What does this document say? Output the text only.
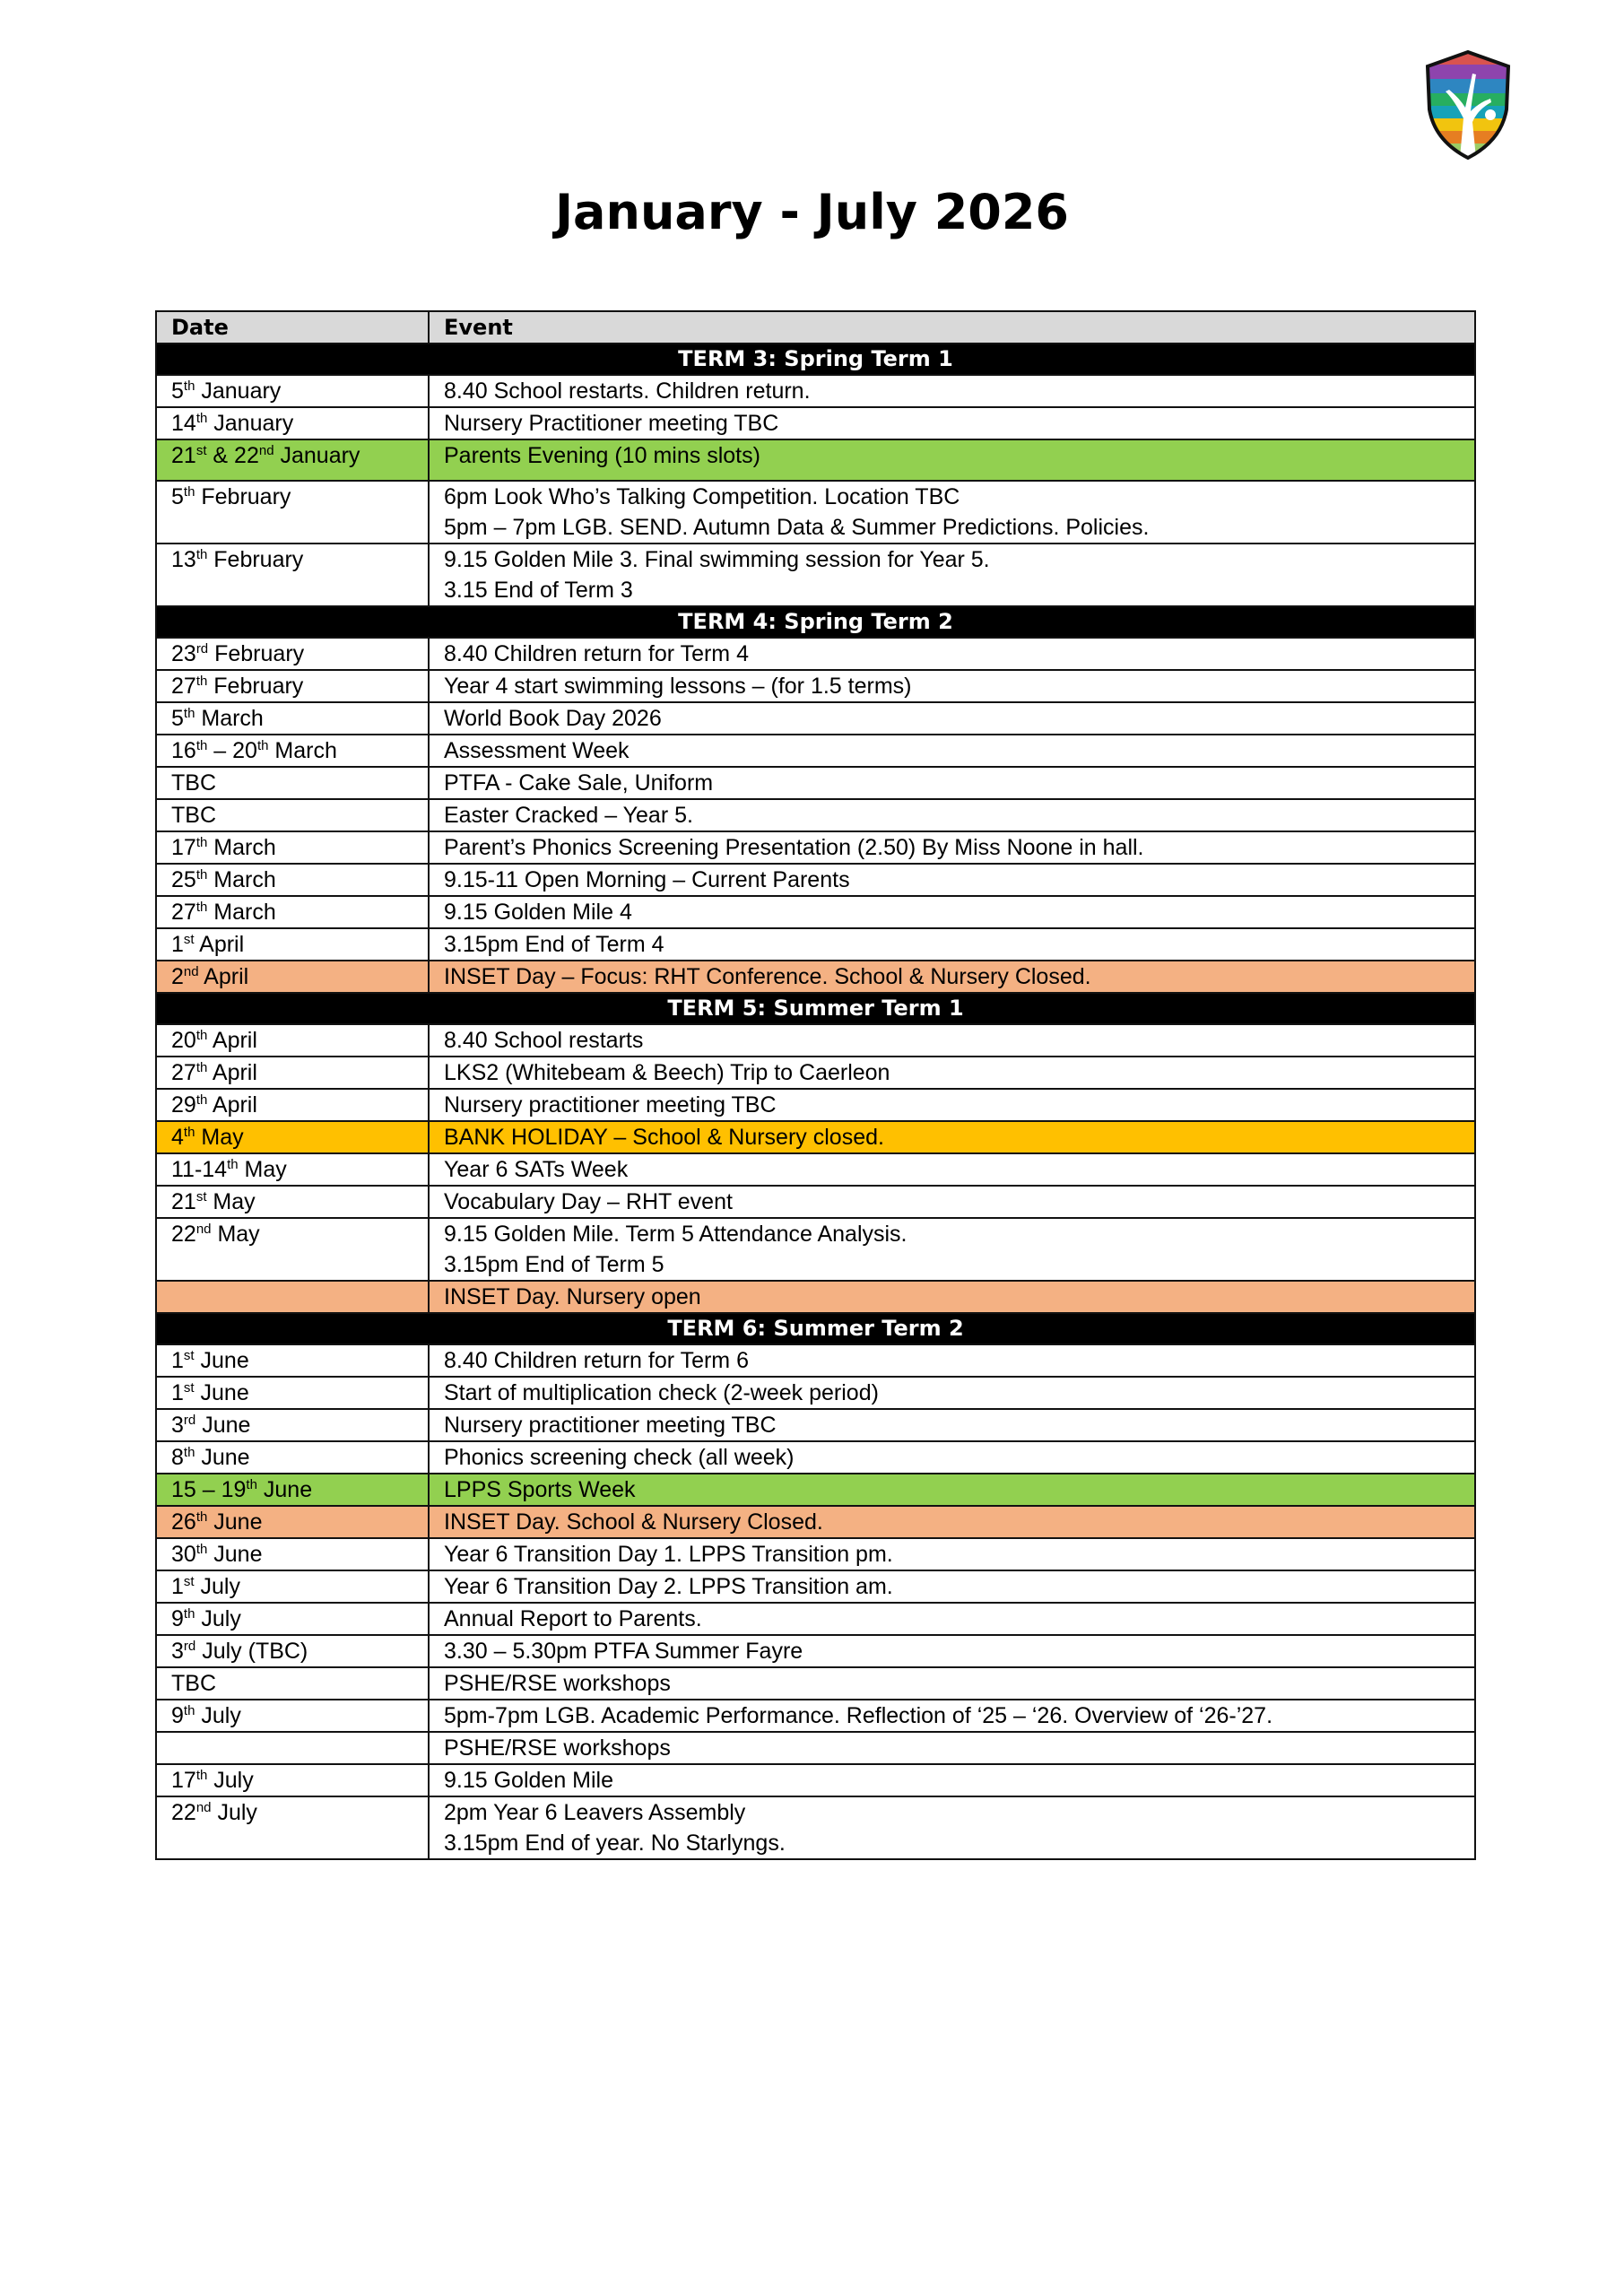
January - July 2026
Date	Event
TERM 3: Spring Term 1	
5th January	8.40 School restarts. Children return.

14th January	Nursery Practitioner meeting TBC

21st & 22nd January	Parents Evening (10 mins slots)

5th February	6pm Look Who’s Talking Competition. Location TBC
5pm – 7pm LGB. SEND. Autumn Data & Summer Predictions. Policies.

13th February	9.15 Golden Mile 3. Final swimming session for Year 5.
3.15 End of Term 3

TERM 4: Spring Term 2	
23rd February	8.40 Children return for Term 4

27th February	Year 4 start swimming lessons – (for 1.5 terms)

5th March	World Book Day 2026

16th – 20th March	Assessment Week

TBC	PTFA - Cake Sale, Uniform

TBC	Easter Cracked – Year 5.

17th March	Parent’s Phonics Screening Presentation (2.50) By Miss Noone in hall.

25th March	9.15-11 Open Morning – Current Parents

27th March	9.15 Golden Mile 4

1st April	3.15pm End of Term 4

2nd April	INSET Day – Focus: RHT Conference. School & Nursery Closed.

TERM 5: Summer Term 1	
20th April	8.40 School restarts

27th April	LKS2 (Whitebeam & Beech) Trip to Caerleon

29th April	Nursery practitioner meeting TBC

4th May	BANK HOLIDAY – School & Nursery closed.

11-14th May	Year 6 SATs Week

21st May	Vocabulary Day – RHT event

22nd May	9.15 Golden Mile. Term 5 Attendance Analysis.
3.15pm End of Term 5

	INSET Day. Nursery open

TERM 6: Summer Term 2	
1st June	8.40 Children return for Term 6

1st June	Start of multiplication check (2-week period)

3rd June	Nursery practitioner meeting TBC

8th June	Phonics screening check (all week)

15 – 19th June	LPPS Sports Week

26th June	INSET Day. School & Nursery Closed.

30th June	Year 6 Transition Day 1. LPPS Transition pm.

1st July	Year 6 Transition Day 2. LPPS Transition am.

9th July	Annual Report to Parents.

3rd July (TBC)	3.30 – 5.30pm PTFA Summer Fayre

TBC	PSHE/RSE workshops

9th July	5pm-7pm LGB. Academic Performance. Reflection of ‘25 – ‘26. Overview of ‘26-’27.

	PSHE/RSE workshops

17th July	9.15 Golden Mile

22nd July	2pm Year 6 Leavers Assembly
3.15pm End of year. No Starlyngs.
